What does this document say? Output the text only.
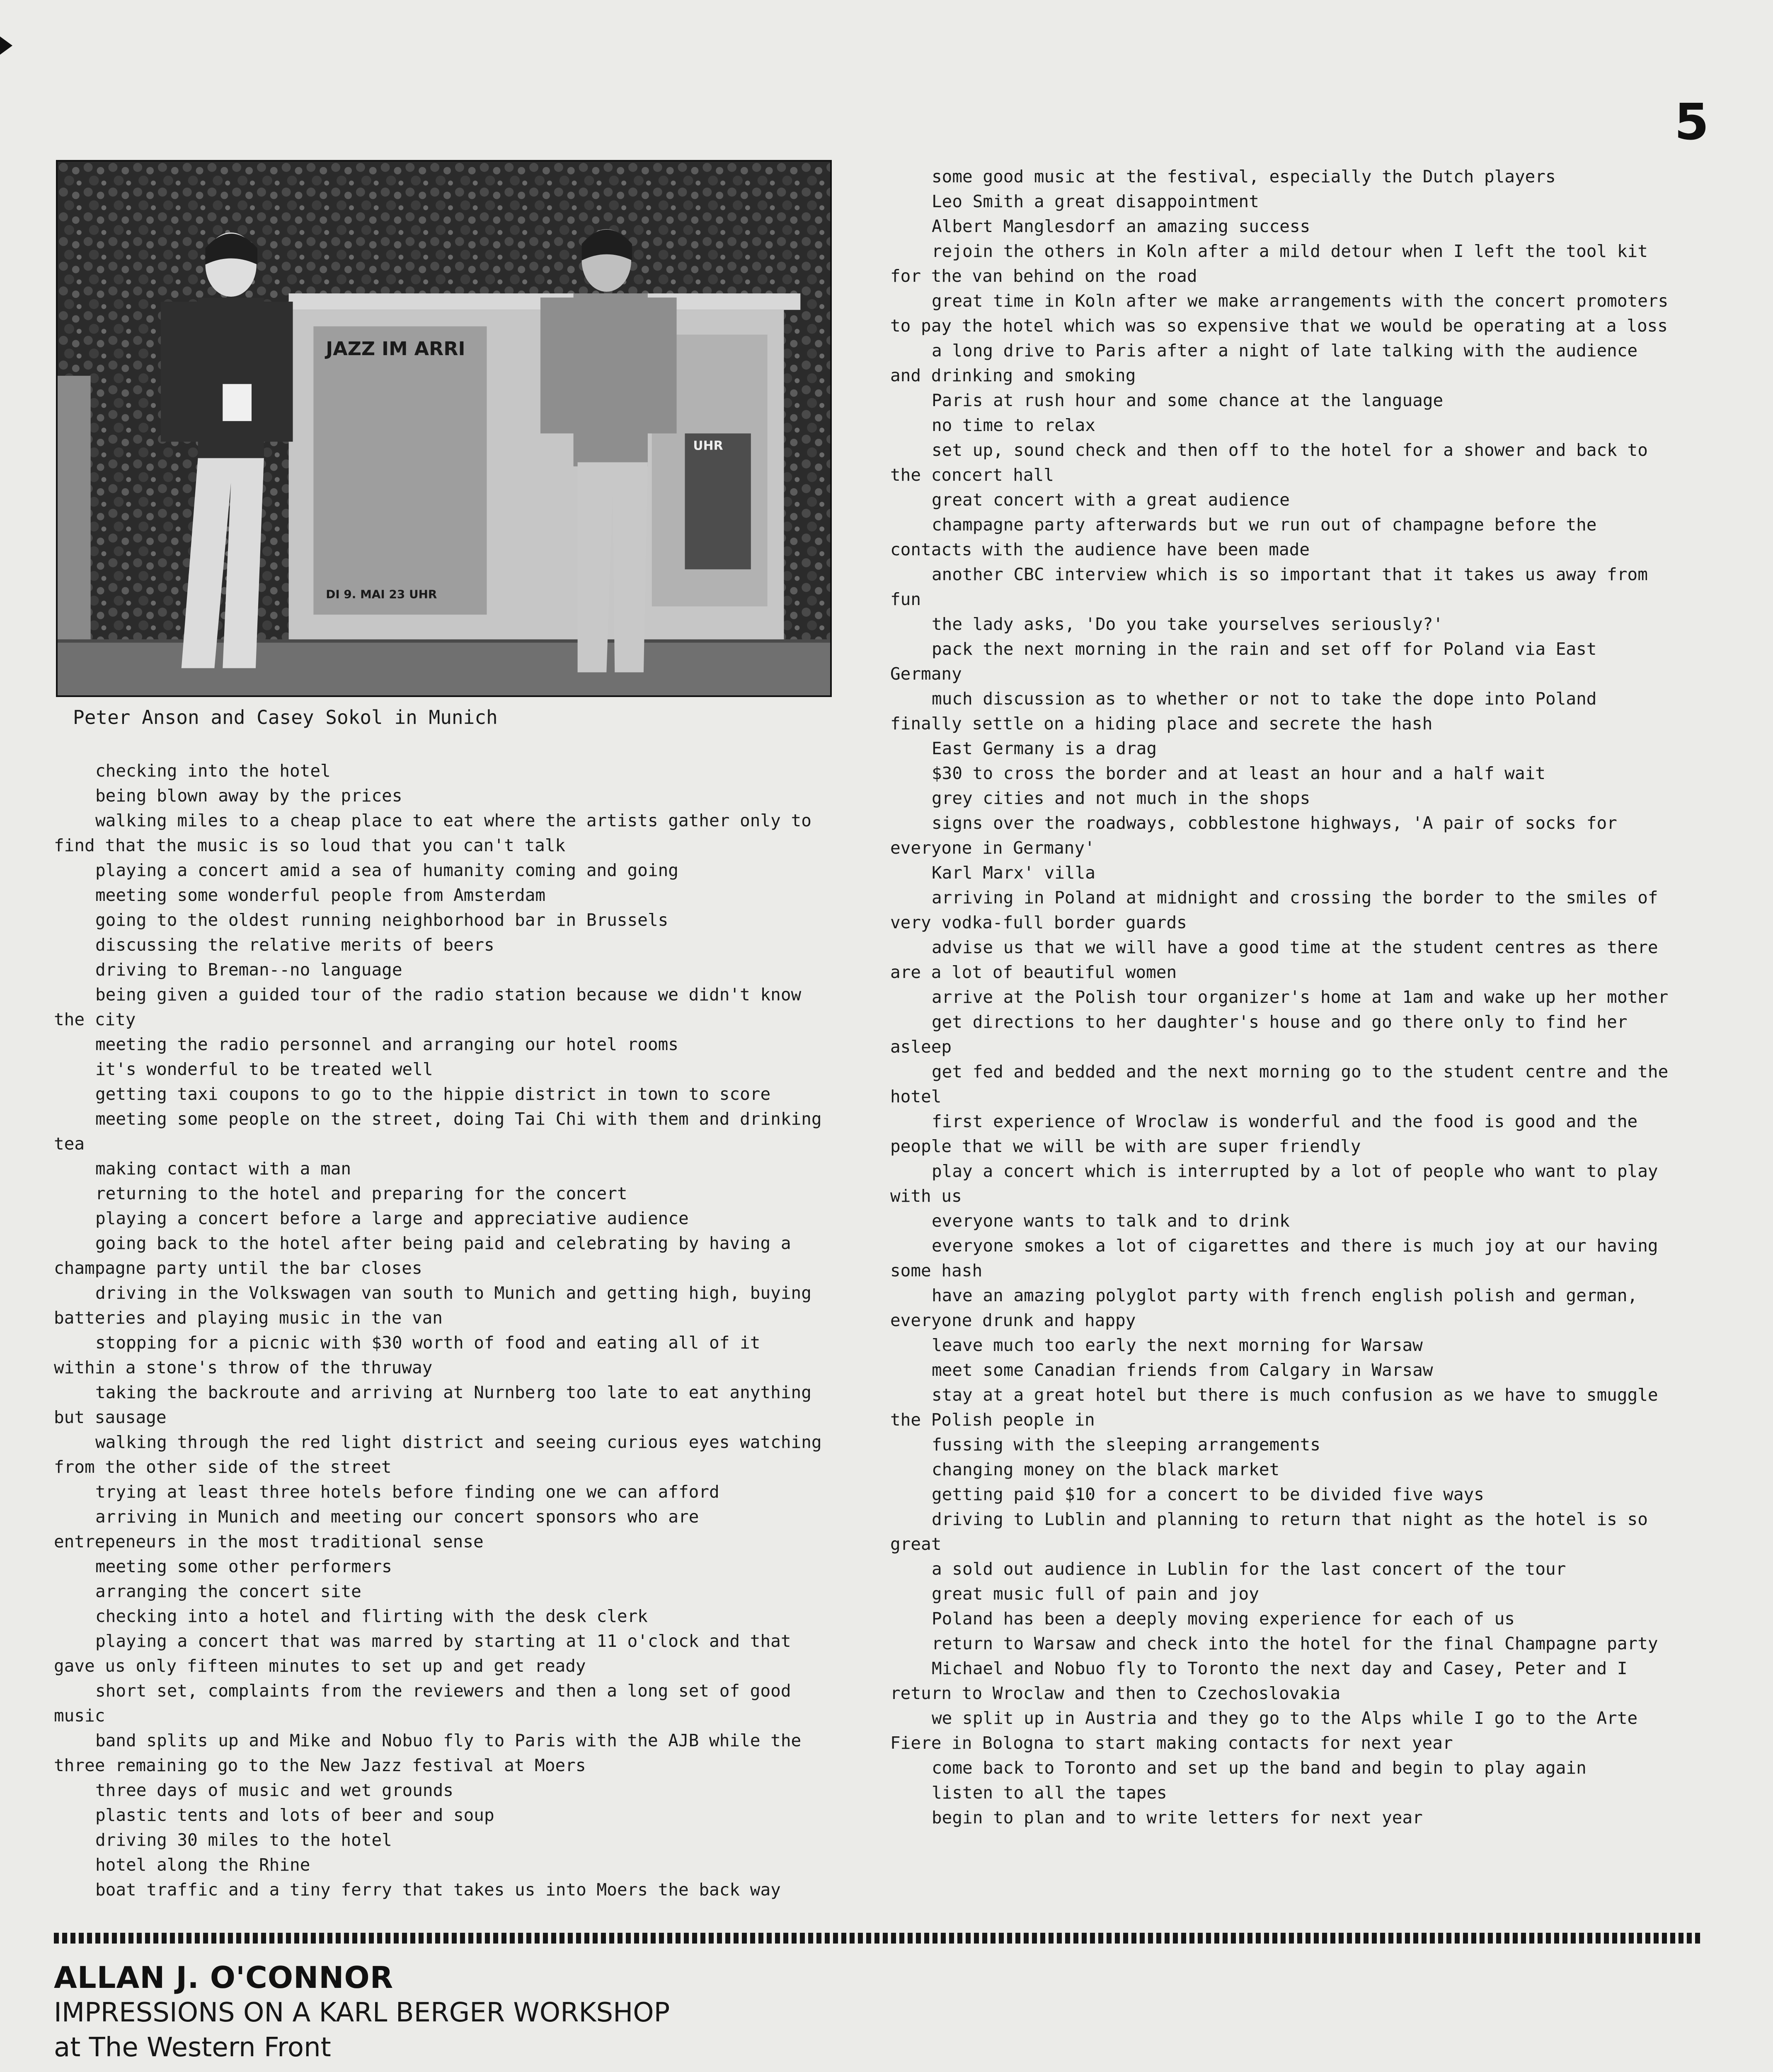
5
JAZZ IM ARRI
DI 9. MAI 23 UHR
UHR
Peter Anson and Casey Sokol in Munich

checking into the hotel

being blown away by the prices

walking miles to a cheap place to eat where the artists gather only to find that the music is so loud that you can't talk

playing a concert amid a sea of humanity coming and going

meeting some wonderful people from Amsterdam

going to the oldest running neighborhood bar in Brussels

discussing the relative merits of beers

driving to Breman--no language

being given a guided tour of the radio station because we didn't know the city

meeting the radio personnel and arranging our hotel rooms

it's wonderful to be treated well

getting taxi coupons to go to the hippie district in town to score

meeting some people on the street, doing Tai Chi with them and drinking tea

making contact with a man

returning to the hotel and preparing for the concert

playing a concert before a large and appreciative audience

going back to the hotel after being paid and celebrating by having a champagne party until the bar closes

driving in the Volkswagen van south to Munich and getting high, buying batteries and playing music in the van

stopping for a picnic with $30 worth of food and eating all of it within a stone's throw of the thruway

taking the backroute and arriving at Nurnberg too late to eat anything but sausage

walking through the red light district and seeing curious eyes watching from the other side of the street

trying at least three hotels before finding one we can afford

arriving in Munich and meeting our concert sponsors who are entrepeneurs in the most traditional sense

meeting some other performers

arranging the concert site

checking into a hotel and flirting with the desk clerk

playing a concert that was marred by starting at 11 o'clock and that gave us only fifteen minutes to set up and get ready

short set, complaints from the reviewers and then a long set of good music

band splits up and Mike and Nobuo fly to Paris with the AJB while the three remaining go to the New Jazz festival at Moers

three days of music and wet grounds

plastic tents and lots of beer and soup

driving 30 miles to the hotel

hotel along the Rhine

boat traffic and a tiny ferry that takes us into Moers the back way

some good music at the festival, especially the Dutch players

Leo Smith a great disappointment

Albert Manglesdorf an amazing success

rejoin the others in Koln after a mild detour when I left the tool kit for the van behind on the road

great time in Koln after we make arrangements with the concert promoters to pay the hotel which was so expensive that we would be operating at a loss

a long drive to Paris after a night of late talking with the audience and drinking and smoking

Paris at rush hour and some chance at the language

no time to relax

set up, sound check and then off to the hotel for a shower and back to the concert hall

great concert with a great audience

champagne party afterwards but we run out of champagne before the contacts with the audience have been made

another CBC interview which is so important that it takes us away from fun

the lady asks, 'Do you take yourselves seriously?'

pack the next morning in the rain and set off for Poland via East Germany

much discussion as to whether or not to take the dope into Poland finally settle on a hiding place and secrete the hash

East Germany is a drag

$30 to cross the border and at least an hour and a half wait

grey cities and not much in the shops

signs over the roadways, cobblestone highways, 'A pair of socks for everyone in Germany'

Karl Marx' villa

arriving in Poland at midnight and crossing the border to the smiles of very vodka-full border guards

advise us that we will have a good time at the student centres as there are a lot of beautiful women

arrive at the Polish tour organizer's home at 1am and wake up her mother

get directions to her daughter's house and go there only to find her asleep

get fed and bedded and the next morning go to the student centre and the hotel

first experience of Wroclaw is wonderful and the food is good and the people that we will be with are super friendly

play a concert which is interrupted by a lot of people who want to play with us

everyone wants to talk and to drink

everyone smokes a lot of cigarettes and there is much joy at our having some hash

have an amazing polyglot party with french english polish and german, everyone drunk and happy

leave much too early the next morning for Warsaw

meet some Canadian friends from Calgary in Warsaw

stay at a great hotel but there is much confusion as we have to smuggle the Polish people in

fussing with the sleeping arrangements

changing money on the black market

getting paid $10 for a concert to be divided five ways

driving to Lublin and planning to return that night as the hotel is so great

a sold out audience in Lublin for the last concert of the tour

great music full of pain and joy

Poland has been a deeply moving experience for each of us

return to Warsaw and check into the hotel for the final Champagne party

Michael and Nobuo fly to Toronto the next day and Casey, Peter and I return to Wroclaw and then to Czechoslovakia

we split up in Austria and they go to the Alps while I go to the Arte Fiere in Bologna to start making contacts for next year

come back to Toronto and set up the band and begin to play again

listen to all the tapes

begin to plan and to write letters for next year

ALLAN J. O'CONNOR
IMPRESSIONS ON A KARL BERGER WORKSHOP
at The Western Front
